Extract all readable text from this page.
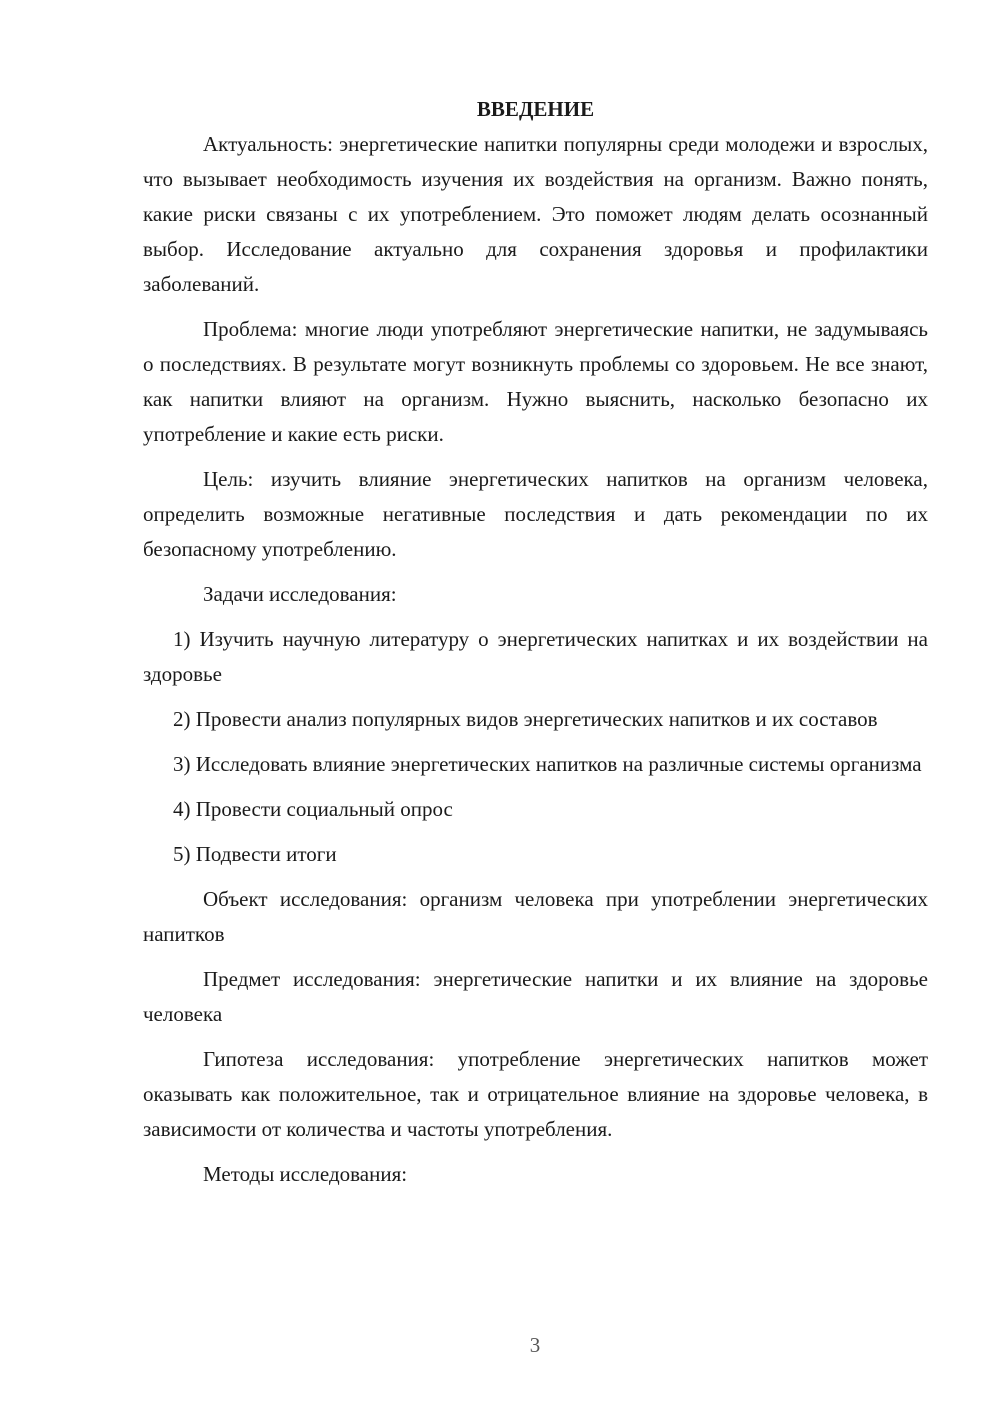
ВВЕДЕНИЕ

Актуальность: энергетические напитки популярны среди молодежи и взрослых, что вызывает необходимость изучения их воздействия на организм. Важно понять, какие риски связаны с их употреблением. Это поможет людям делать осознанный выбор. Исследование актуально для сохранения здоровья и профилактики заболеваний.

Проблема: многие люди употребляют энергетические напитки, не задумываясь о последствиях. В результате могут возникнуть проблемы со здоровьем. Не все знают, как напитки влияют на организм. Нужно выяснить, насколько безопасно их употребление и какие есть риски.

Цель: изучить влияние энергетических напитков на организм человека, определить возможные негативные последствия и дать рекомендации по их безопасному употреблению.

Задачи исследования:

1) Изучить научную литературу о энергетических напитках и их воздействии на здоровье

2) Провести анализ популярных видов энергетических напитков и их составов

3) Исследовать влияние энергетических напитков на различные системы организма

4) Провести социальный опрос

5) Подвести итоги

Объект исследования: организм человека при употреблении энергетических напитков

Предмет исследования: энергетические напитки и их влияние на здоровье человека

Гипотеза исследования: употребление энергетических напитков может оказывать как положительное, так и отрицательное влияние на здоровье человека, в зависимости от количества и частоты употребления.

Методы исследования:

3
